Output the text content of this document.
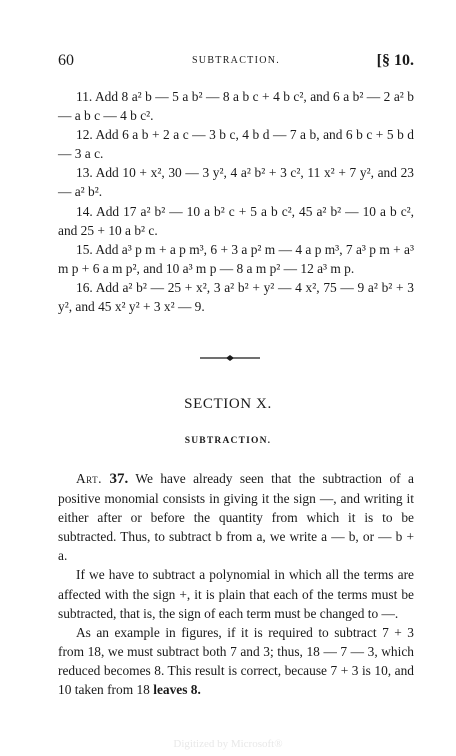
60	SUBTRACTION.	[§ 10.

11. Add 8 a² b — 5 a b² — 8 a b c + 4 b c², and 6 a b² — 2 a² b — a b c — 4 b c².

12. Add 6 a b + 2 a c — 3 b c, 4 b d — 7 a b, and 6 b c + 5 b d — 3 a c.

13. Add 10 + x², 30 — 3 y², 4 a² b² + 3 c², 11 x² + 7 y², and 23 — a² b².

14. Add 17 a² b² — 10 a b² c + 5 a b c², 45 a² b² — 10 a b c², and 25 + 10 a b² c.

15. Add a³ p m + a p m³, 6 + 3 a p² m — 4 a p m³, 7 a³ p m + a³ m p + 6 a m p², and 10 a³ m p — 8 a m p² — 12 a³ m p.

16. Add a² b² — 25 + x², 3 a² b² + y² — 4 x², 75 — 9 a² b² + 3 y², and 45 x² y² + 3 x² — 9.

SECTION X.
SUBTRACTION.

Art. 37. We have already seen that the subtraction of a positive monomial consists in giving it the sign —, and writing it either after or before the quantity from which it is to be subtracted. Thus, to subtract b from a, we write a — b, or — b + a.

If we have to subtract a polynomial in which all the terms are affected with the sign +, it is plain that each of the terms must be subtracted, that is, the sign of each term must be changed to —.

As an example in figures, if it is required to subtract 7 + 3 from 18, we must subtract both 7 and 3; thus, 18 — 7 — 3, which reduced becomes 8. This result is correct, because 7 + 3 is 10, and 10 taken from 18 leaves 8.

Digitized by Microsoft®
